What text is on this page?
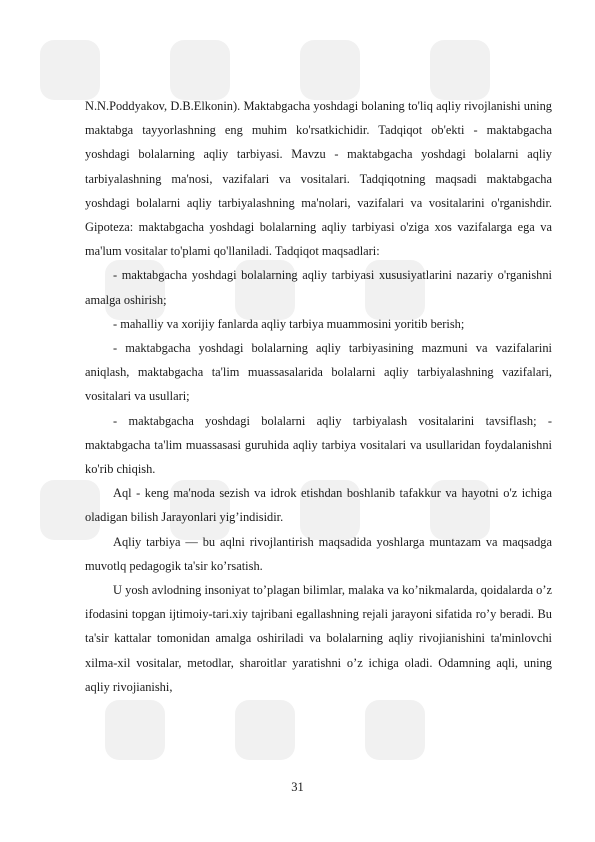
N.N.Poddyakov, D.B.Elkonin). Maktabgacha yoshdagi bolaning to'liq aqliy rivojlanishi uning maktabga tayyorlashning eng muhim ko'rsatkichidir. Tadqiqot ob'ekti - maktabgacha yoshdagi bolalarning aqliy tarbiyasi. Mavzu - maktabgacha yoshdagi bolalarni aqliy tarbiyalashning ma'nosi, vazifalari va vositalari. Tadqiqotning maqsadi maktabgacha yoshdagi bolalarni aqliy tarbiyalashning ma'nolari, vazifalari va vositalarini o'rganishdir. Gipoteza: maktabgacha yoshdagi bolalarning aqliy tarbiyasi o'ziga xos vazifalarga ega va ma'lum vositalar to'plami qo'llaniladi. Tadqiqot maqsadlari:

- maktabgacha yoshdagi bolalarning aqliy tarbiyasi xususiyatlarini nazariy o'rganishni amalga oshirish;

- mahalliy va xorijiy fanlarda aqliy tarbiya muammosini yoritib berish;

- maktabgacha yoshdagi bolalarning aqliy tarbiyasining mazmuni va vazifalarini aniqlash, maktabgacha ta'lim muassasalarida bolalarni aqliy tarbiyalashning vazifalari, vositalari va usullari;

- maktabgacha yoshdagi bolalarni aqliy tarbiyalash vositalarini tavsiflash; - maktabgacha ta'lim muassasasi guruhida aqliy tarbiya vositalari va usullaridan foydalanishni ko'rib chiqish.

Aql - keng ma'noda sezish va idrok etishdan boshlanib tafakkur va hayotni o'z ichiga oladigan bilish Jarayonlari yig’indisidir.

Aqliy tarbiya — bu aqlni rivojlantirish maqsadida yoshlarga muntazam va maqsadga muvotlq pedagogik ta'sir ko’rsatish.

U yosh avlodning insoniyat to’plagan bilimlar, malaka va ko’nikmalarda, qoidalarda o’z ifodasini topgan ijtimoiy-tari.xiy tajribani egallashning rejali jarayoni sifatida ro’y beradi. Bu ta'sir kattalar tomonidan amalga oshiriladi va bolalarning aqliy rivojianishini ta'minlovchi xilma-xil vositalar, metodlar, sharoitlar yaratishni o’z ichiga oladi. Odamning aqli, uning aqliy rivojianishi,

31
